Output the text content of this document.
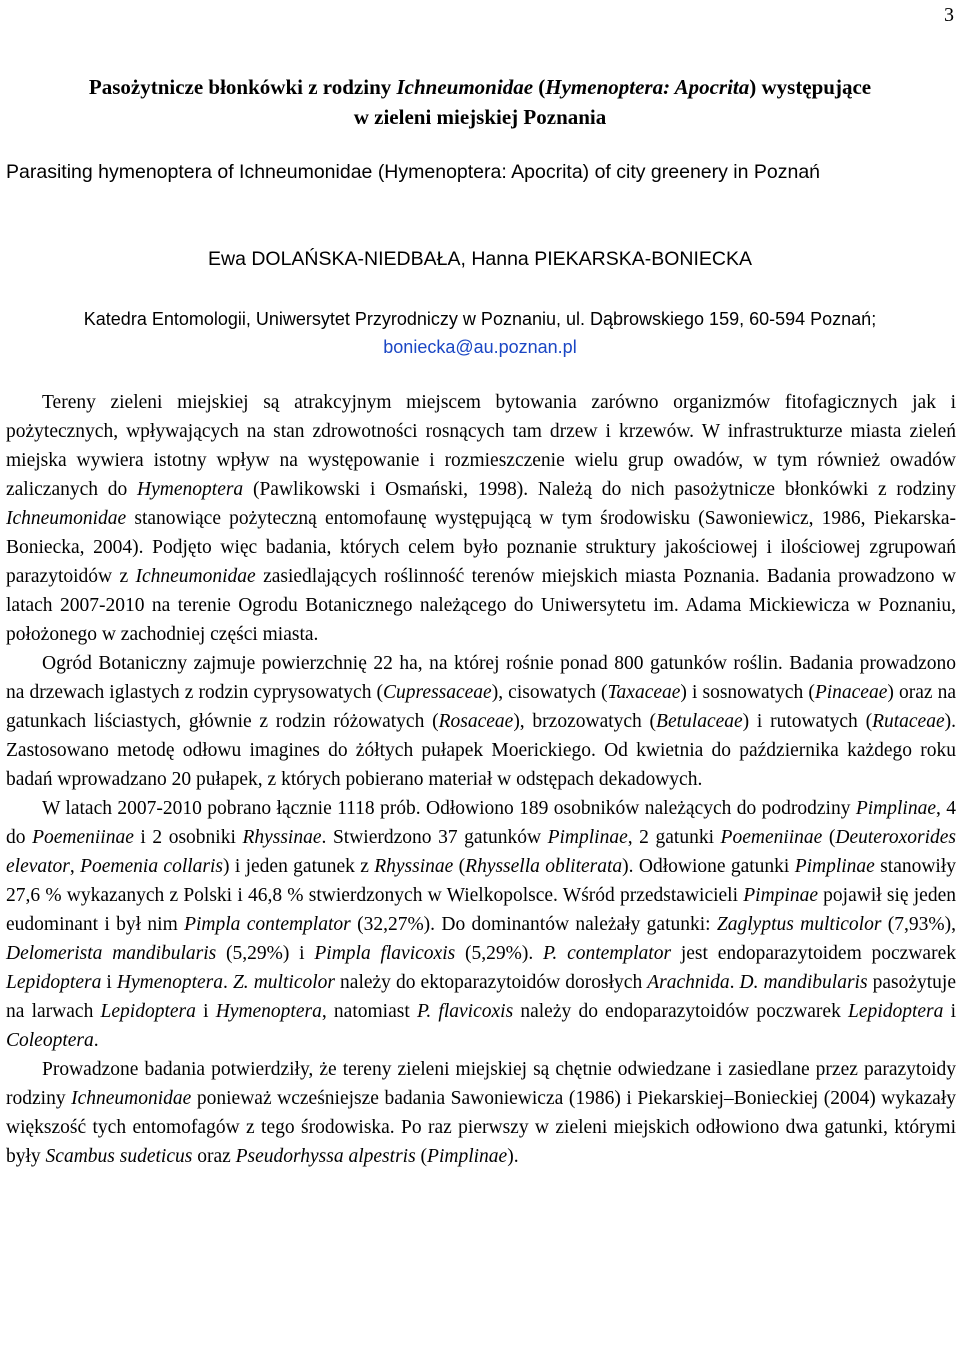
3
Pasożytnicze błonkówki z rodziny Ichneumonidae (Hymenoptera: Apocrita) występujące
w zieleni miejskiej Poznania
Parasiting hymenoptera of Ichneumonidae (Hymenoptera: Apocrita) of city greenery in Poznań
Ewa DOLAŃSKA-NIEDBAŁA, Hanna PIEKARSKA-BONIECKA
Katedra Entomologii, Uniwersytet Przyrodniczy w Poznaniu, ul. Dąbrowskiego 159, 60-594 Poznań;
boniecka@au.poznan.pl

Tereny zieleni miejskiej są atrakcyjnym miejscem bytowania zarówno organizmów fitofagicznych jak i pożytecznych, wpływających na stan zdrowotności rosnących tam drzew i krzewów. W infrastrukturze miasta zieleń miejska wywiera istotny wpływ na występowanie i rozmieszczenie wielu grup owadów, w tym również owadów zaliczanych do Hymenoptera (Pawlikowski i Osmański, 1998). Należą do nich pasożytnicze błonkówki z rodziny Ichneumonidae stanowiące pożyteczną entomofaunę występującą w tym środowisku (Sawoniewicz, 1986, Piekarska-Boniecka, 2004). Podjęto więc badania, których celem było poznanie struktury jakościowej i ilościowej zgrupowań parazytoidów z Ichneumonidae zasiedlających roślinność terenów miejskich miasta Poznania. Badania prowadzono w latach 2007-2010 na terenie Ogrodu Botanicznego należącego do Uniwersytetu im. Adama Mickiewicza w Poznaniu, położonego w zachodniej części miasta.

Ogród Botaniczny zajmuje powierzchnię 22 ha, na której rośnie ponad 800 gatunków roślin. Badania prowadzono na drzewach iglastych z rodzin cyprysowatych (Cupressaceae), cisowatych (Taxaceae) i sosnowatych (Pinaceae) oraz na gatunkach liściastych, głównie z rodzin różowatych (Rosaceae), brzozowatych (Betulaceae) i rutowatych (Rutaceae). Zastosowano metodę odłowu imagines do żółtych pułapek Moerickiego. Od kwietnia do października każdego roku badań wprowadzano 20 pułapek, z których pobierano materiał w odstępach dekadowych.

W latach 2007-2010 pobrano łącznie 1118 prób. Odłowiono 189 osobników należących do podrodziny Pimplinae, 4 do Poemeniinae i 2 osobniki Rhyssinae. Stwierdzono 37 gatunków Pimplinae, 2 gatunki Poemeniinae (Deuteroxorides elevator, Poemenia collaris) i jeden gatunek z Rhyssinae (Rhyssella obliterata). Odłowione gatunki Pimplinae stanowiły 27,6 % wykazanych z Polski i 46,8 % stwierdzonych w Wielkopolsce. Wśród przedstawicieli Pimpinae pojawił się jeden eudominant i był nim Pimpla contemplator (32,27%). Do dominantów należały gatunki: Zaglyptus multicolor (7,93%), Delomerista mandibularis (5,29%) i Pimpla flavicoxis (5,29%). P. contemplator jest endoparazytoidem poczwarek Lepidoptera i Hymenoptera. Z. multicolor należy do ektoparazytoidów dorosłych Arachnida. D. mandibularis pasożytuje na larwach Lepidoptera i Hymenoptera, natomiast P. flavicoxis należy do endoparazytoidów poczwarek Lepidoptera i Coleoptera.

Prowadzone badania potwierdziły, że tereny zieleni miejskiej są chętnie odwiedzane i zasiedlane przez parazytoidy rodziny Ichneumonidae ponieważ wcześniejsze badania Sawoniewicza (1986) i Piekarskiej–Bonieckiej (2004) wykazały większość tych entomofagów z tego środowiska. Po raz pierwszy w zieleni miejskich odłowiono dwa gatunki, którymi były Scambus sudeticus oraz Pseudorhyssa alpestris (Pimplinae).
